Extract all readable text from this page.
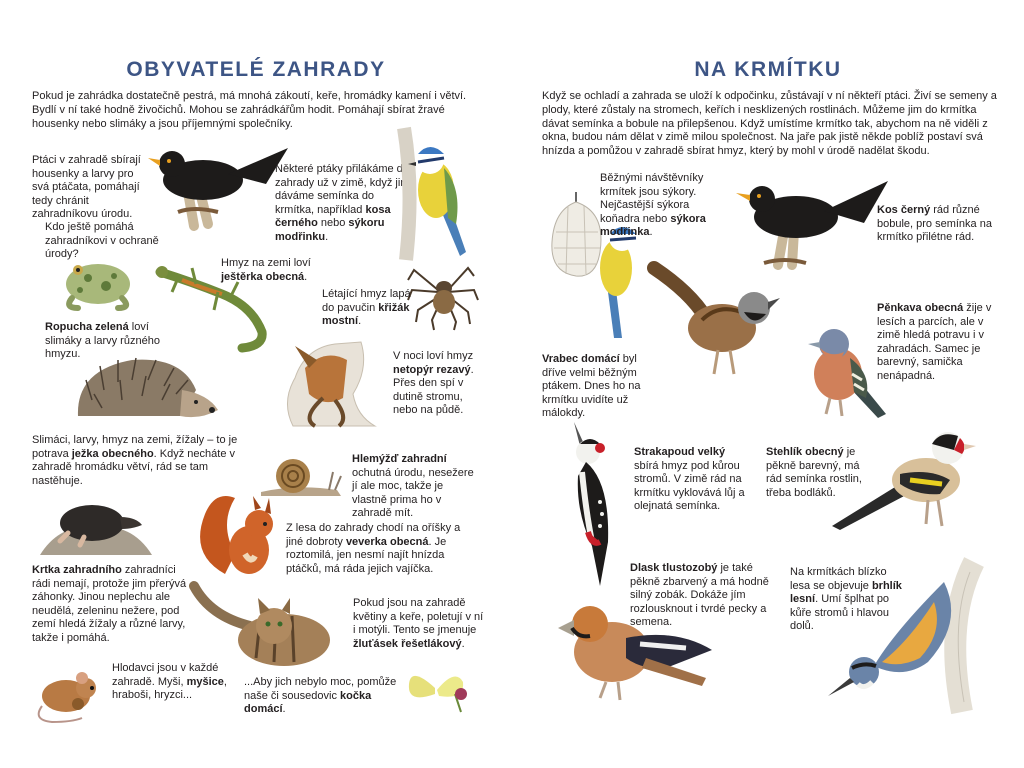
OBYVATELÉ ZAHRADY

Pokud je zahrádka dostatečně pestrá, má mnohá zákoutí, keře, hromádky kamení i větví. Bydlí v ní také hodně živočichů. Mohou se zahrádkářům hodit. Pomáhají sbírat žravé housenky nebo slimáky a jsou příjemnými společníky.

Ptáci v zahradě sbírají housenky a larvy pro svá ptáčata, pomáhají tedy chránit zahradníkovu úrodu.

Některé ptáky přilákáme do zahrady už v zimě, když jim dáváme semínka do krmítka, například kosa černého nebo sýkoru modřinku.

Kdo ještě pomáhá zahradníkovi v ochraně úrody?

Hmyz na zemi loví ještěrka obecná.

Létající hmyz lapá do pavučin křižák mostní.

Ropucha zelená loví slimáky a larvy různého hmyzu.	V noci loví hmyz netopýr rezavý. Přes den spí v dutině stromu, nebo na půdě.

Slimáci, larvy, hmyz na zemi, žížaly – to je potrava ježka obecného. Když necháte v zahradě hromádku větví, rád se tam nastěhuje.

Hlemýžď zahradní ochutná úrodu, nesežere jí ale moc, takže je vlastně prima ho v zahradě mít.

Z lesa do zahrady chodí na oříšky a jiné dobroty veverka obecná. Je roztomilá, jen nesmí najít hnízda ptáčků, má ráda jejich vajíčka.

Krtka zahradního zahradníci rádi nemají, protože jim přerývá záhonky. Jinou neplechu ale neudělá, zeleninu nežere, pod zemí hledá žížaly a různé larvy, takže i pomáhá.

Pokud jsou na zahradě květiny a keře, poletují v ní i motýli. Tento se jmenuje žluťásek řešetlákový.

Hlodavci jsou v každé zahradě. Myši, myšice, hraboši, hryzci...

...Aby jich nebylo moc, pomůže naše či sousedovic kočka domácí.

NA KRMÍTKU

Když se ochladí a zahrada se uloží k odpočinku, zůstávají v ní někteří ptáci. Živí se semeny a plody, které zůstaly na stromech, keřích i nesklizených rostlinách. Můžeme jim do krmítka dávat semínka a bobule na přilepšenou. Když umístíme krmítko tak, abychom na ně viděli z okna, budou nám dělat v zimě milou společnost. Na jaře pak jistě někde poblíž postaví svá hnízda a pomůžou v zahradě sbírat hmyz, který by mohl v úrodě nadělat škodu.

Běžnými návštěvníky krmítek jsou sýkory. Nejčastější sýkora koňadra nebo sýkora modřinka.

Kos černý rád různé bobule, pro semínka na krmítko přilétne rád.

Pěnkava obecná žije v lesích a parcích, ale v zimě hledá potravu i v zahradách. Samec je barevný, samička nenápadná.

Vrabec domácí byl dříve velmi běžným ptákem. Dnes ho na krmítku uvidíte už málokdy.

Strakapoud velký sbírá hmyz pod kůrou stromů. V zimě rád na krmítku vyklovává lůj a olejnatá semínka.

Stehlík obecný je pěkně barevný, má rád semínka rostlin, třeba bodláků.

Dlask tlustozobý je také pěkně zbarvený a má hodně silný zobák. Dokáže jím rozlousknout i tvrdé pecky a semena.

Na krmítkách blízko lesa se objevuje brhlík lesní. Umí šplhat po kůře stromů i hlavou dolů.
